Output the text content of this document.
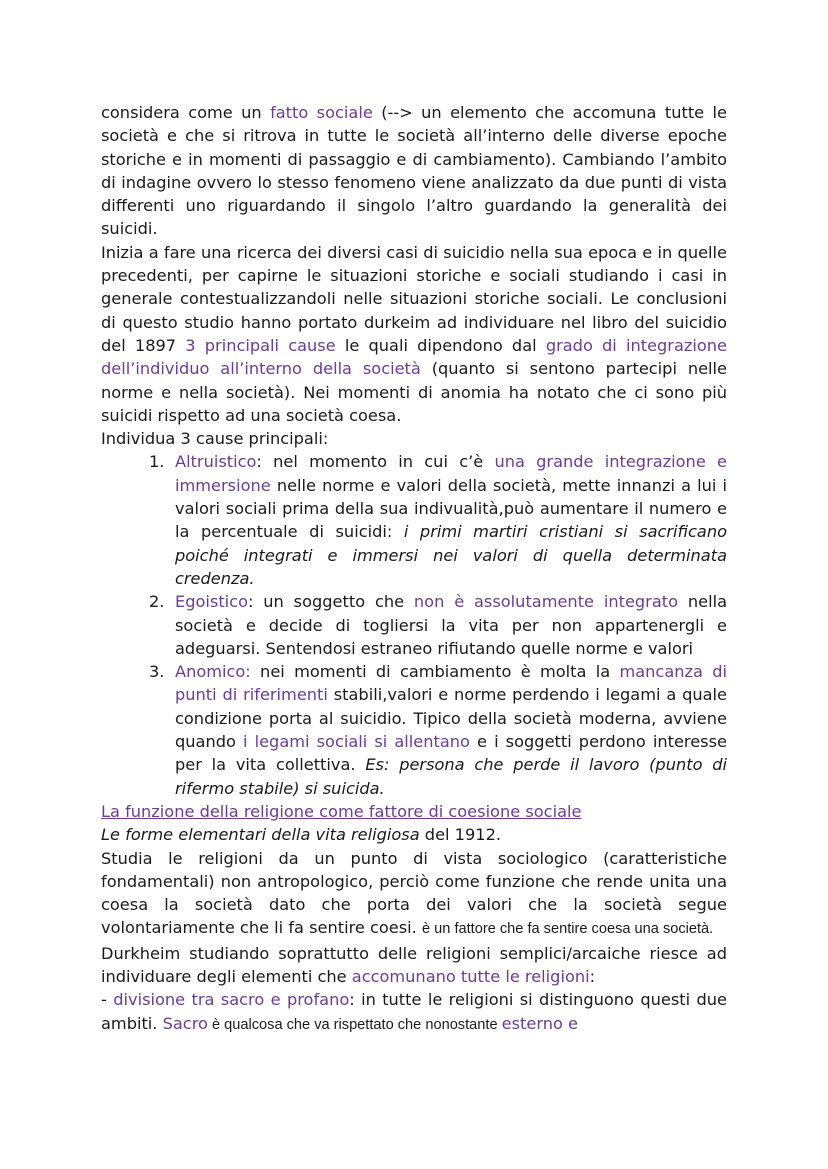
considera come un fatto sociale (--> un elemento che accomuna tutte le società e che si ritrova in tutte le società all’interno delle diverse epoche storiche e in momenti di passaggio e di cambiamento). Cambiando l’ambito di indagine ovvero lo stesso fenomeno viene analizzato da due punti di vista differenti uno riguardando il singolo l’altro guardando la generalità dei suicidi.

Inizia a fare una ricerca dei diversi casi di suicidio nella sua epoca e in quelle precedenti, per capirne le situazioni storiche e sociali studiando i casi in generale contestualizzandoli nelle situazioni storiche sociali. Le conclusioni di questo studio hanno portato durkeim ad individuare nel libro del suicidio del 1897 3 principali cause le quali dipendono dal grado di integrazione dell’individuo all’interno della società (quanto si sentono partecipi nelle norme e nella società). Nei momenti di anomia ha notato che ci sono più suicidi rispetto ad una società coesa.

Individua 3 cause principali:

1. Altruistico: nel momento in cui c’è una grande integrazione e immersione nelle norme e valori della società, mette innanzi a lui i valori sociali prima della sua indivualità,può aumentare il numero e la percentuale di suicidi: i primi martiri cristiani si sacrificano poiché integrati e immersi nei valori di quella determinata credenza.
2. Egoistico: un soggetto che non è assolutamente integrato nella società e decide di togliersi la vita per non appartenergli e adeguarsi. Sentendosi estraneo rifiutando quelle norme e valori
3. Anomico: nei momenti di cambiamento è molta la mancanza di punti di riferimenti stabili,valori e norme perdendo i legami a quale condizione porta al suicidio. Tipico della società moderna, avviene quando i legami sociali si allentano e i soggetti perdono interesse per la vita collettiva. Es: persona che perde il lavoro (punto di rifermo stabile) si suicida.

La funzione della religione come fattore di coesione sociale

Le forme elementari della vita religiosa del 1912.

Studia le religioni da un punto di vista sociologico (caratteristiche fondamentali) non antropologico, perciò come funzione che rende unita una coesa la società dato che porta dei valori che la società segue volontariamente che li fa sentire coesi. è un fattore che fa sentire coesa una società.

Durkheim studiando soprattutto delle religioni semplici/arcaiche riesce ad individuare degli elementi che accomunano tutte le religioni:

- divisione tra sacro e profano: in tutte le religioni si distinguono questi due ambiti. Sacro è qualcosa che va rispettato che nonostante esterno e
